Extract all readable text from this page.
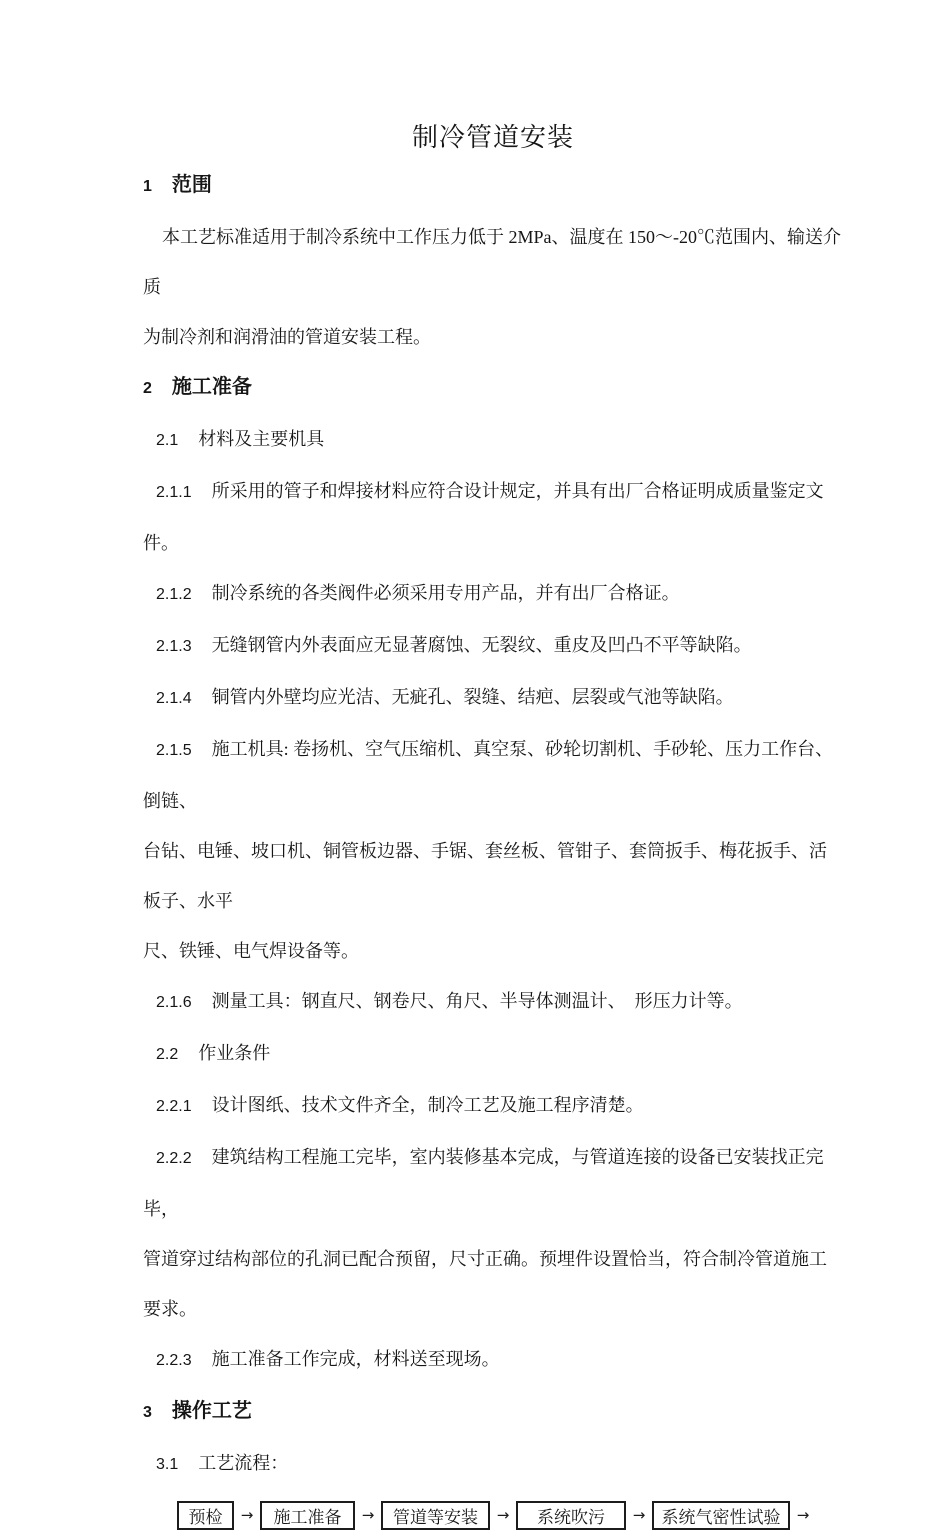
制冷管道安装
1 范围
本工艺标准适用于制冷系统中工作压力低于 2MPa、温度在 150～-20℃范围内、输送介质
为制冷剂和润滑油的管道安装工程。
2 施工准备
2.1 材料及主要机具
2.1.1 所采用的管子和焊接材料应符合设计规定，并具有出厂合格证明成质量鉴定文件。
2.1.2 制冷系统的各类阀件必须采用专用产品，并有出厂合格证。
2.1.3 无缝钢管内外表面应无显著腐蚀、无裂纹、重皮及凹凸不平等缺陷。
2.1.4 铜管内外壁均应光洁、无疵孔、裂缝、结疤、层裂或气池等缺陷。
2.1.5 施工机具: 卷扬机、空气压缩机、真空泵、砂轮切割机、手砂轮、压力工作台、倒链、
台钻、电锤、坡口机、铜管板边器、手锯、套丝板、管钳子、套筒扳手、梅花扳手、活板子、水平
尺、铁锤、电气焊设备等。
2.1.6 测量工具：钢直尺、钢卷尺、角尺、半导体测温计、　形压力计等。
2.2 作业条件
2.2.1 设计图纸、技术文件齐全，制冷工艺及施工程序清楚。
2.2.2 建筑结构工程施工完毕，室内装修基本完成，与管道连接的设备已安装找正完毕，
管道穿过结构部位的孔洞已配合预留，尺寸正确。预埋件设置恰当，符合制冷管道施工要求。
2.2.3 施工准备工作完成，材料送至现场。
3 操作工艺
3.1 工艺流程：
预检	→	施工准备	→	管道等安装	→	系统吹污	→ 系统气密性试验	→
